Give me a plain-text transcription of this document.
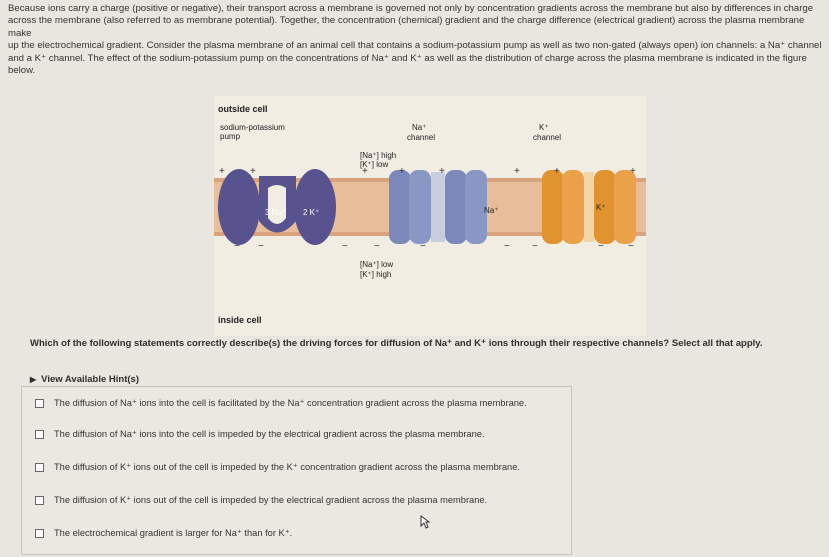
Because ions carry a charge (positive or negative), their transport across a membrane is governed not only by concentration gradients across the membrane but also by differences in charge
across the membrane (also referred to as membrane potential). Together, the concentration (chemical) gradient and the charge difference (electrical gradient) across the plasma membrane make
up the electrochemical gradient. Consider the plasma membrane of an animal cell that contains a sodium-potassium pump as well as two non-gated (always open) ion channels: a Na⁺ channel
and a K⁺ channel. The effect of the sodium-potassium pump on the concentrations of Na⁺ and K⁺ as well as the distribution of charge across the plasma membrane is indicated in the figure
below.
+	+	+	+	+	+	+	+
− −	−	−	−	− −	− −
outside cell
sodium-potassium
pump
Na⁺
channel
K⁺
channel
[Na⁺] high
[K⁺] low
3 Na⁺ 2 K⁺	Na⁺	K⁺
[Na⁺] low
[K⁺] high
inside cell
Which of the following statements correctly describe(s) the driving forces for diffusion of Na⁺ and K⁺ ions through their respective channels? Select all that apply.
▶ View Available Hint(s)
The diffusion of Na⁺ ions into the cell is facilitated by the Na⁺ concentration gradient across the plasma membrane.
The diffusion of Na⁺ ions into the cell is impeded by the electrical gradient across the plasma membrane.
The diffusion of K⁺ ions out of the cell is impeded by the K⁺ concentration gradient across the plasma membrane.
The diffusion of K⁺ ions out of the cell is impeded by the electrical gradient across the plasma membrane.
The electrochemical gradient is larger for Na⁺ than for K⁺.
